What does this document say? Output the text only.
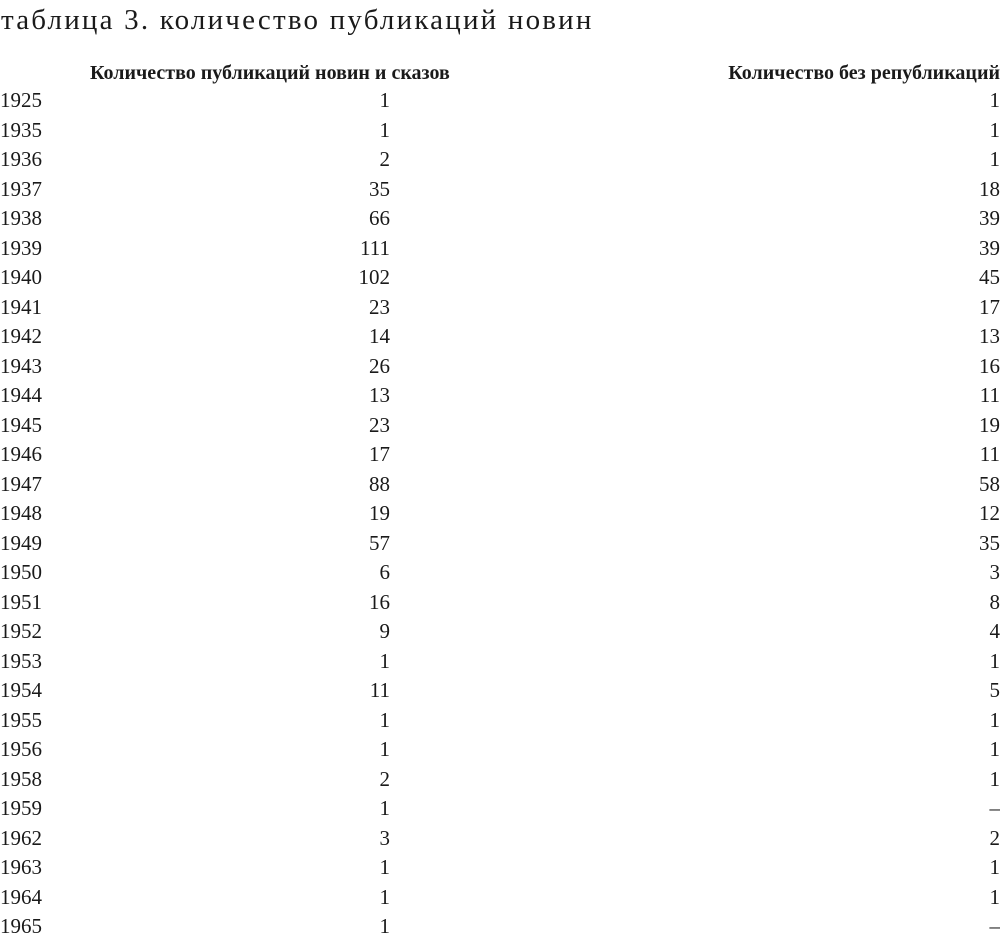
таблица 3. количество публикаций новин
	Количество публикаций новин и сказов	Количество без републикаций
1925	1	1
1935	1	1
1936	2	1
1937	35	18
1938	66	39
1939	111	39
1940	102	45
1941	23	17
1942	14	13
1943	26	16
1944	13	11
1945	23	19
1946	17	11
1947	88	58
1948	19	12
1949	57	35
1950	6	3
1951	16	8
1952	9	4
1953	1	1
1954	11	5
1955	1	1
1956	1	1
1958	2	1
1959	1	–
1962	3	2
1963	1	1
1964	1	1
1965	1	–
